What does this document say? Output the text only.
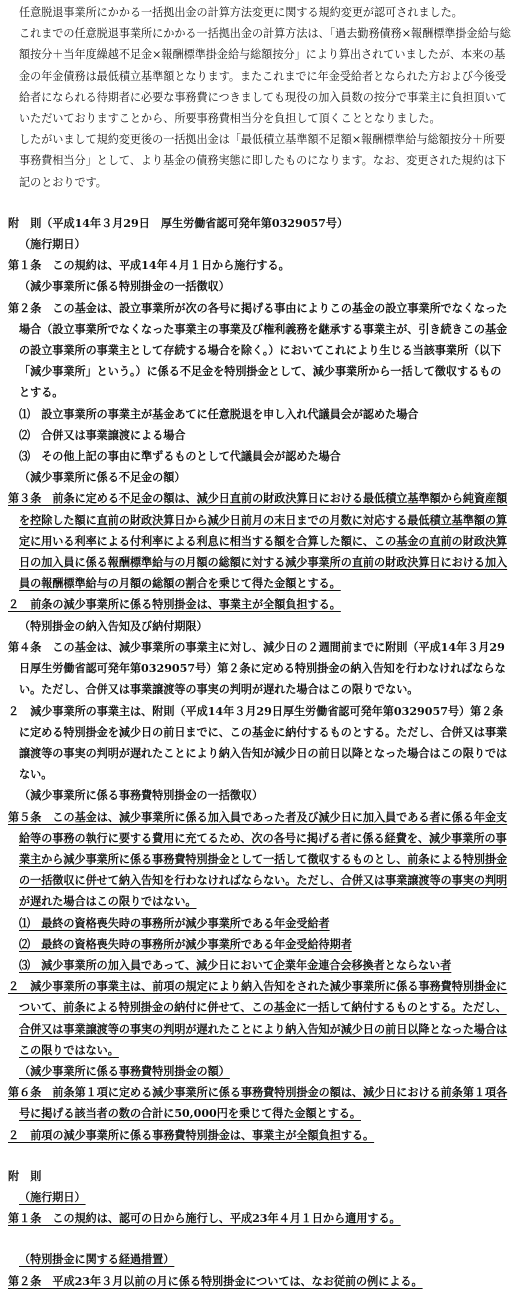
任意脱退事業所にかかる一括拠出金の計算方法変更に関する規約変更が認可されました。

これまでの任意脱退事業所にかかる一括拠出金の計算方法は、「過去勤務債務×報酬標準掛金給与総額按分＋当年度繰越不足金×報酬標準掛金給与総額按分」により算出されていましたが、本来の基金の年金債務は最低積立基準額となります。またこれまでに年金受給者となられた方および今後受給者になられる待期者に必要な事務費につきましても現役の加入員数の按分で事業主に負担頂いていただいておりますことから、所要事務費相当分を負担して頂くこととなりました。

したがいまして規約変更後の一括拠出金は「最低積立基準額不足額×報酬標準給与総額按分＋所要事務費相当分」として、より基金の債務実態に即したものになります。なお、変更された規約は下記のとおりです。

附　則（平成14年３月29日　厚生労働省認可発年第0329057号）

（施行期日）

第１条　この規約は、平成14年４月１日から施行する。

（減少事業所に係る特別掛金の一括徴収）

第２条　この基金は、設立事業所が次の各号に掲げる事由によりこの基金の設立事業所でなくなった場合（設立事業所でなくなった事業主の事業及び権利義務を継承する事業主が、引き続きこの基金の設立事業所の事業主として存続する場合を除く。）においてこれにより生じる当該事業所（以下「減少事業所」という。）に係る不足金を特別掛金として、減少事業所から一括して徴収するものとする。

⑴　設立事業所の事業主が基金あてに任意脱退を申し入れ代議員会が認めた場合

⑵　合併又は事業譲渡による場合

⑶　その他上記の事由に準ずるものとして代議員会が認めた場合

（減少事業所に係る不足金の額）

第３条　前条に定める不足金の額は、減少日直前の財政決算日における最低積立基準額から純資産額を控除した額に直前の財政決算日から減少日前月の末日までの月数に対応する最低積立基準額の算定に用いる利率による付利率による利息に相当する額を合算した額に、この基金の直前の財政決算日の加入員に係る報酬標準給与の月額の総額に対する減少事業所の直前の財政決算日における加入員の報酬標準給与の月額の総額の割合を乗じて得た金額とする。

２　前条の減少事業所に係る特別掛金は、事業主が全額負担する。

（特別掛金の納入告知及び納付期限）

第４条　この基金は、減少事業所の事業主に対し、減少日の２週間前までに附則（平成14年３月29日厚生労働省認可発年第0329057号）第２条に定める特別掛金の納入告知を行わなければならない。ただし、合併又は事業譲渡等の事実の判明が遅れた場合はこの限りでない。

２　減少事業所の事業主は、附則（平成14年３月29日厚生労働省認可発年第0329057号）第２条に定める特別掛金を減少日の前日までに、この基金に納付するものとする。ただし、合併又は事業譲渡等の事実の判明が遅れたことにより納入告知が減少日の前日以降となった場合はこの限りではない。

（減少事業所に係る事務費特別掛金の一括徴収）

第５条　この基金は、減少事業所に係る加入員であった者及び減少日に加入員である者に係る年金支給等の事務の執行に要する費用に充てるため、次の各号に掲げる者に係る経費を、減少事業所の事業主から減少事業所に係る事務費特別掛金として一括して徴収するものとし、前条による特別掛金の一括徴収に併せて納入告知を行わなければならない。ただし、合併又は事業譲渡等の事実の判明が遅れた場合はこの限りではない。

⑴　最終の資格喪失時の事務所が減少事業所である年金受給者

⑵　最終の資格喪失時の事務所が減少事業所である年金受給待期者

⑶　減少事業所の加入員であって、減少日において企業年金連合会移換者とならない者

２　減少事業所の事業主は、前項の規定により納入告知をされた減少事業所に係る事務費特別掛金について、前条による特別掛金の納付に併せて、この基金に一括して納付するものとする。ただし、合併又は事業譲渡等の事実の判明が遅れたことにより納入告知が減少日の前日以降となった場合はこの限りではない。

（減少事業所に係る事務費特別掛金の額）

第６条　前条第１項に定める減少事業所に係る事務費特別掛金の額は、減少日における前条第１項各号に掲げる該当者の数の合計に50,000円を乗じて得た金額とする。

２　前項の減少事業所に係る事務費特別掛金は、事業主が全額負担する。

附　則

（施行期日）

第１条　この規約は、認可の日から施行し、平成23年４月１日から適用する。

（特別掛金に関する経過措置）

第２条　平成23年３月以前の月に係る特別掛金については、なお従前の例による。
